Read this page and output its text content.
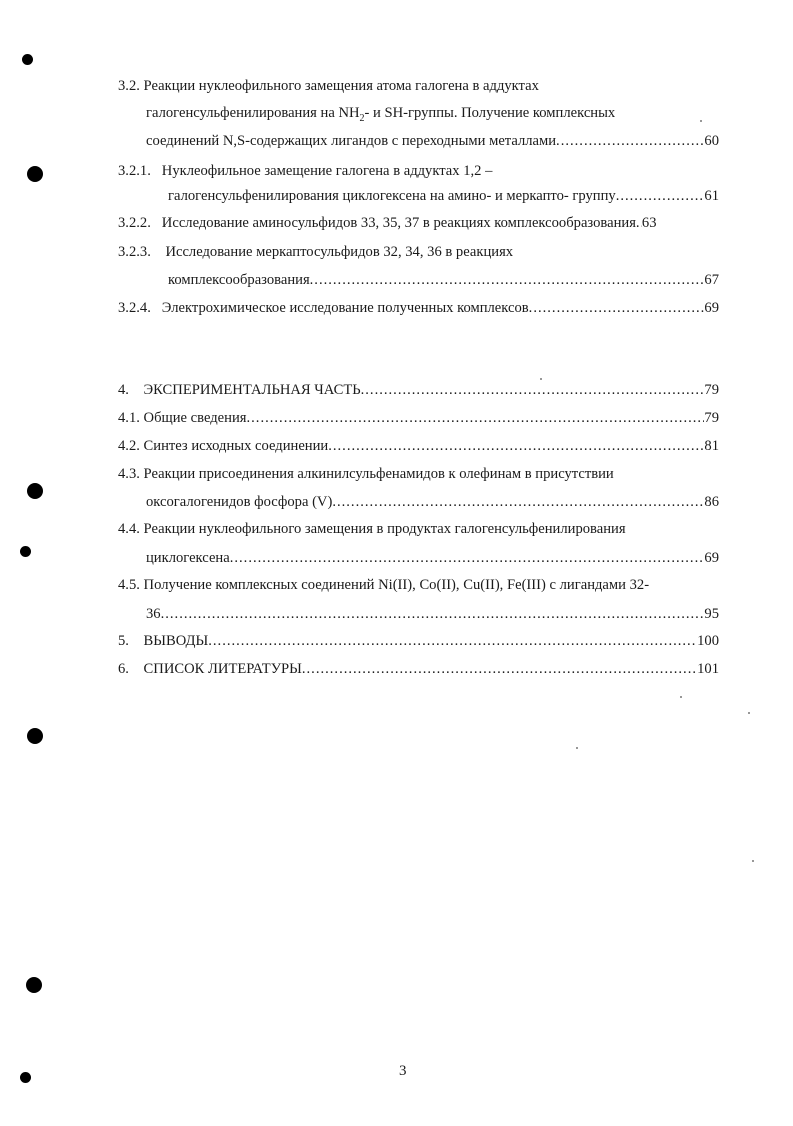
3.2. Реакции нуклеофильного замещения атома галогена в аддуктах
галогенсульфенилирования на $NH_2-$ и SH-группы. Получение комплексных
соединений N,S-содержащих лигандов с переходными металлами .....	60
3.2.1. Нуклеофильное замещение галогена в аддуктах 1,2 –
галогенсульфенилирования циклогексена на амино- и меркапто- группу .....	61
3.2.2. Исследование аминосульфидов 33, 35, 37 в реакциях комплексообразования ..... 63
3.2.3. Исследование меркаптосульфидов 32, 34, 36 в реакциях
комплексообразования .....	67
3.2.4. Электрохимическое исследование полученных комплексов .....	69
4. ЭКСПЕРИМЕНТАЛЬНАЯ ЧАСТЬ .....	79
4.1. Общие сведения .....	79
4.2. Синтез исходных соединении .....	81
4.3. Реакции присоединения алкинилсульфенамидов к олефинам в присутствии
оксогалогенидов фосфора (V) .....	86
4.4. Реакции нуклеофильного замещения в продуктах галогенсульфенилирования
циклогексена .....	69
4.5. Получение комплексных соединений Ni(II), Co(II), Cu(II), Fe(III) с лигандами 32-
36 .....	95
5. ВЫВОДЫ .....	100
6. СПИСОК ЛИТЕРАТУРЫ .....	101
3
